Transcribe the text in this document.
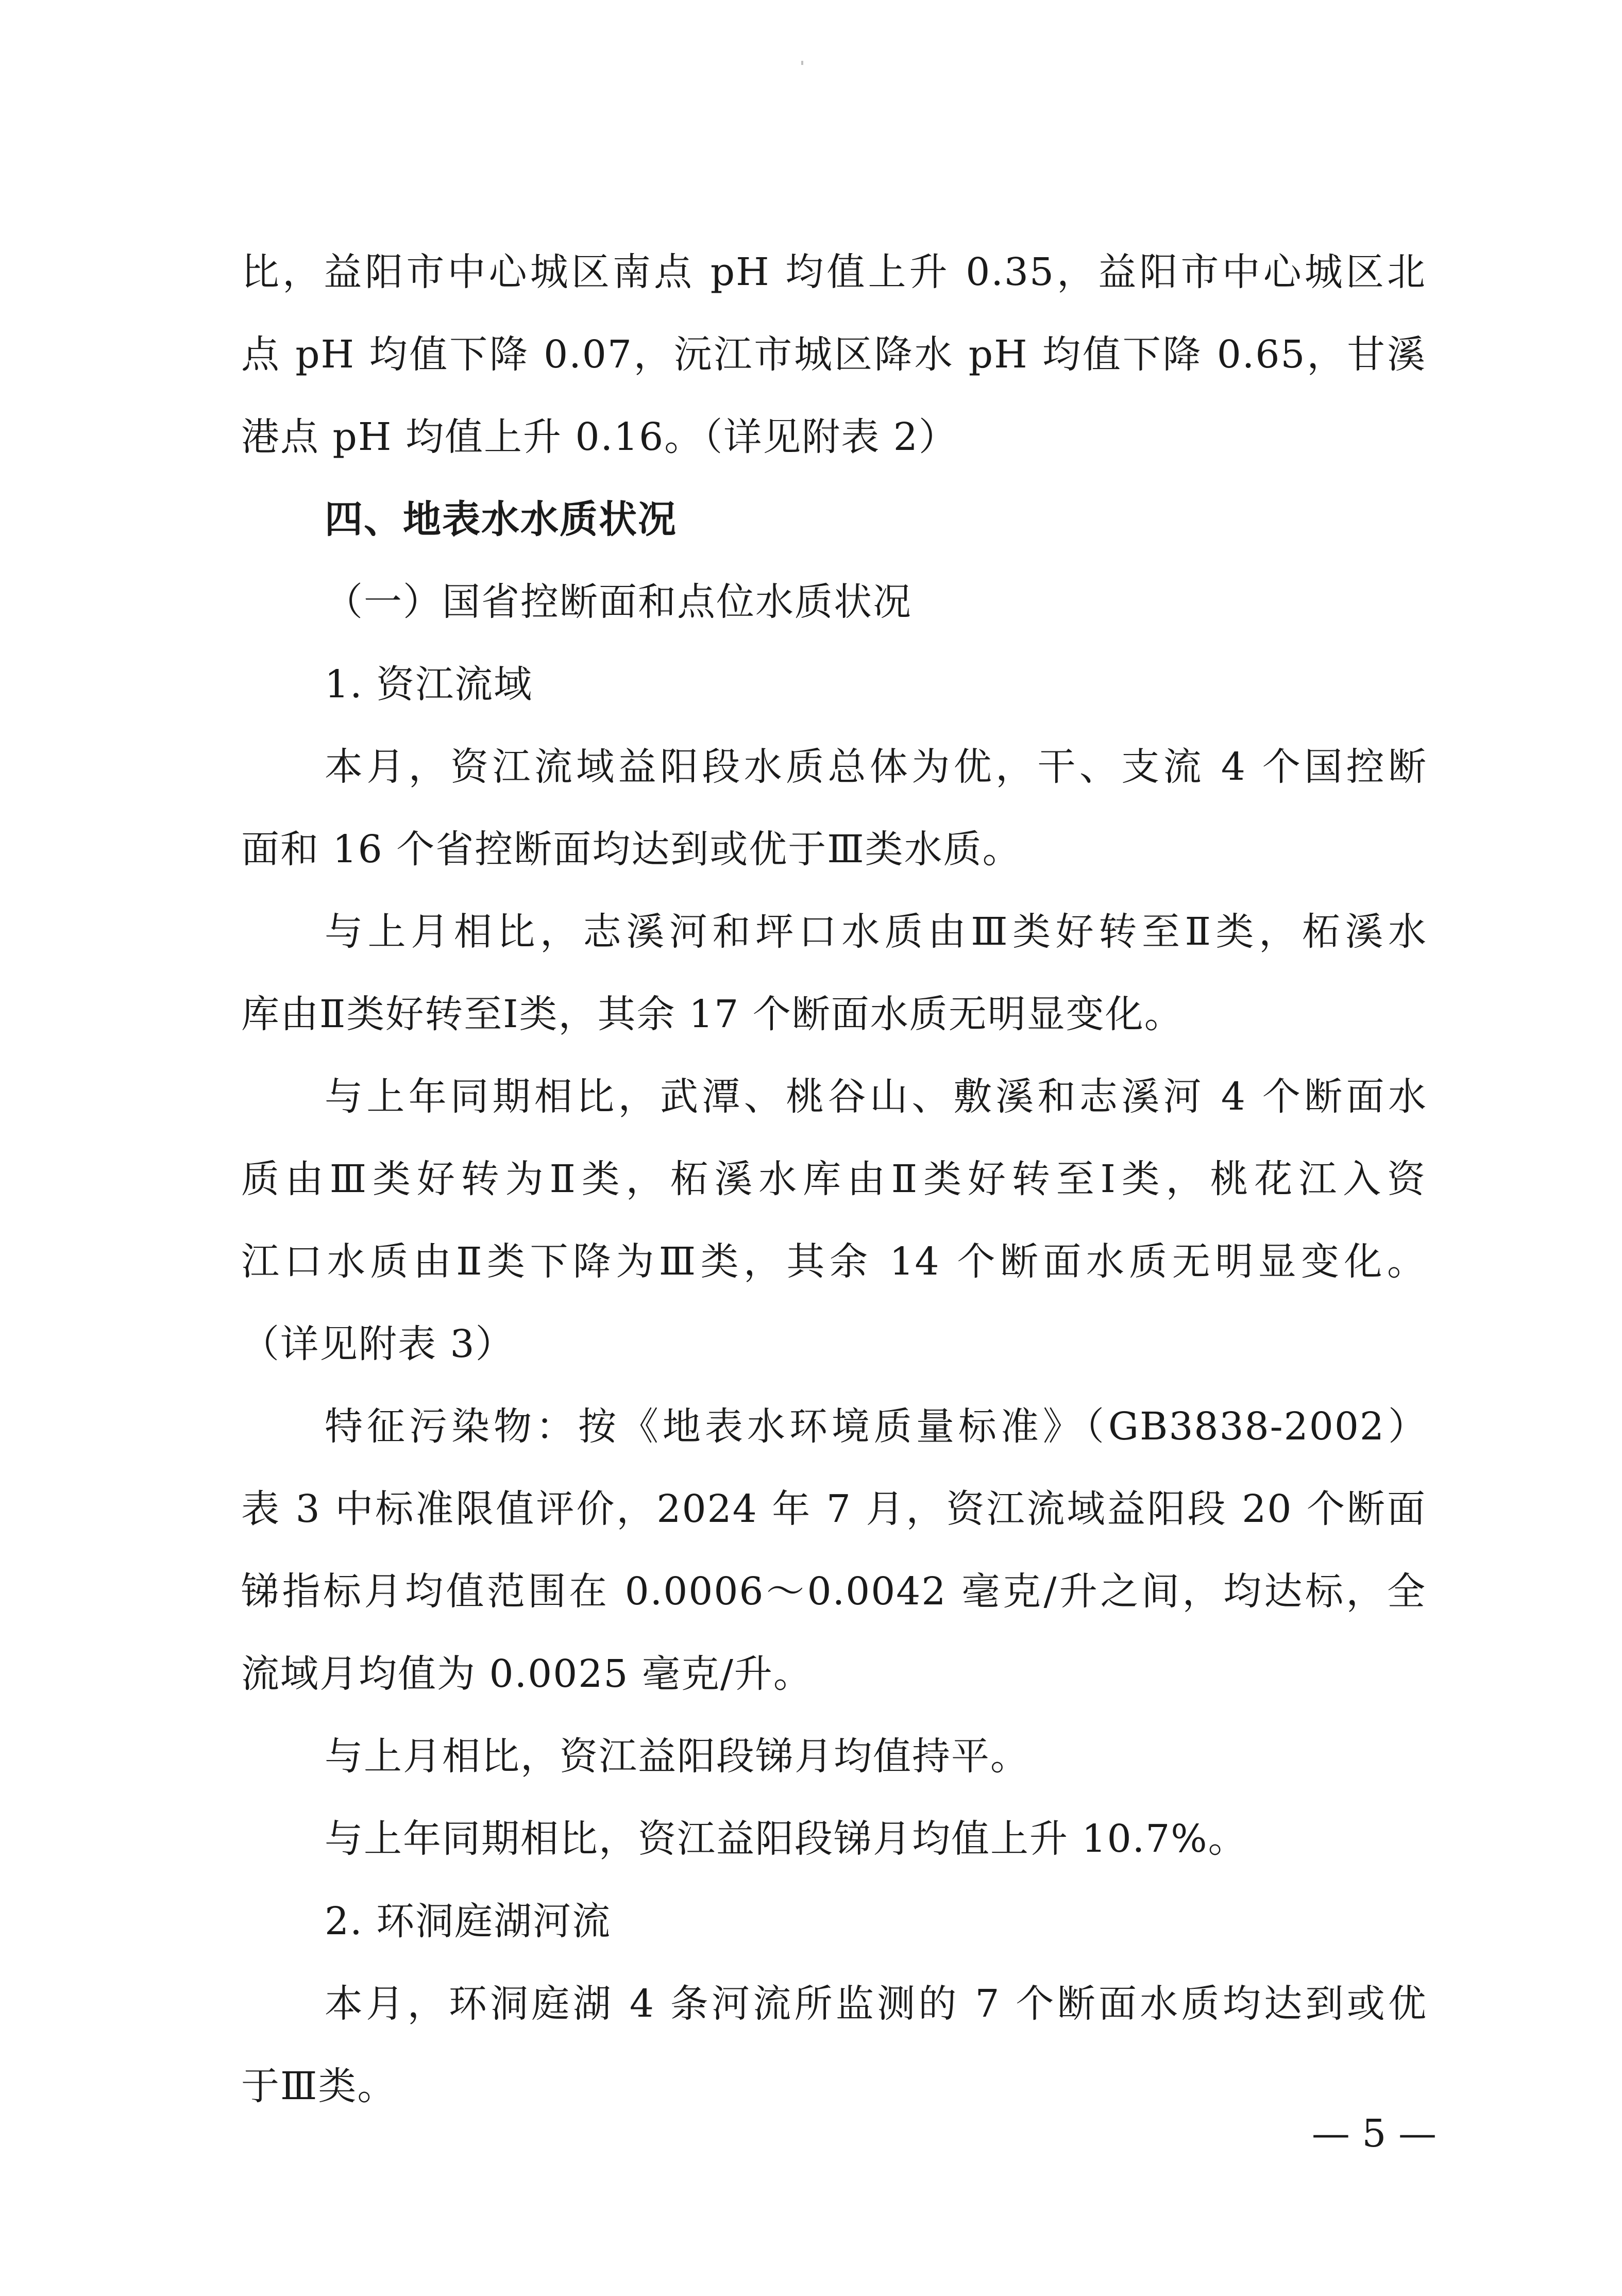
比，益阳市中心城区南点 pH 均值上升 0.35，益阳市中心城区北
点 pH 均值下降 0.07，沅江市城区降水 pH 均值下降 0.65，甘溪
港点 pH 均值上升 0.16。（详见附表 2）
四、地表水水质状况
（一）国省控断面和点位水质状况
1. 资江流域
本月，资江流域益阳段水质总体为优，干、支流 4 个国控断
面和 16 个省控断面均达到或优于Ⅲ类水质。
与上月相比，志溪河和坪口水质由Ⅲ类好转至Ⅱ类，柘溪水
库由Ⅱ类好转至Ⅰ类，其余 17 个断面水质无明显变化。
与上年同期相比，武潭、桃谷山、敷溪和志溪河 4 个断面水
质由Ⅲ类好转为Ⅱ类，柘溪水库由Ⅱ类好转至Ⅰ类，桃花江入资
江口水质由Ⅱ类下降为Ⅲ类，其余 14 个断面水质无明显变化。
（详见附表 3）
特征污染物：按《地表水环境质量标准》（GB3838-2002）
表 3 中标准限值评价，2024 年 7 月，资江流域益阳段 20 个断面
锑指标月均值范围在 0.0006～0.0042 毫克/升之间，均达标，全
流域月均值为 0.0025 毫克/升。
与上月相比，资江益阳段锑月均值持平。
与上年同期相比，资江益阳段锑月均值上升 10.7%。
2. 环洞庭湖河流
本月，环洞庭湖 4 条河流所监测的 7 个断面水质均达到或优
于Ⅲ类。
— 5 —
